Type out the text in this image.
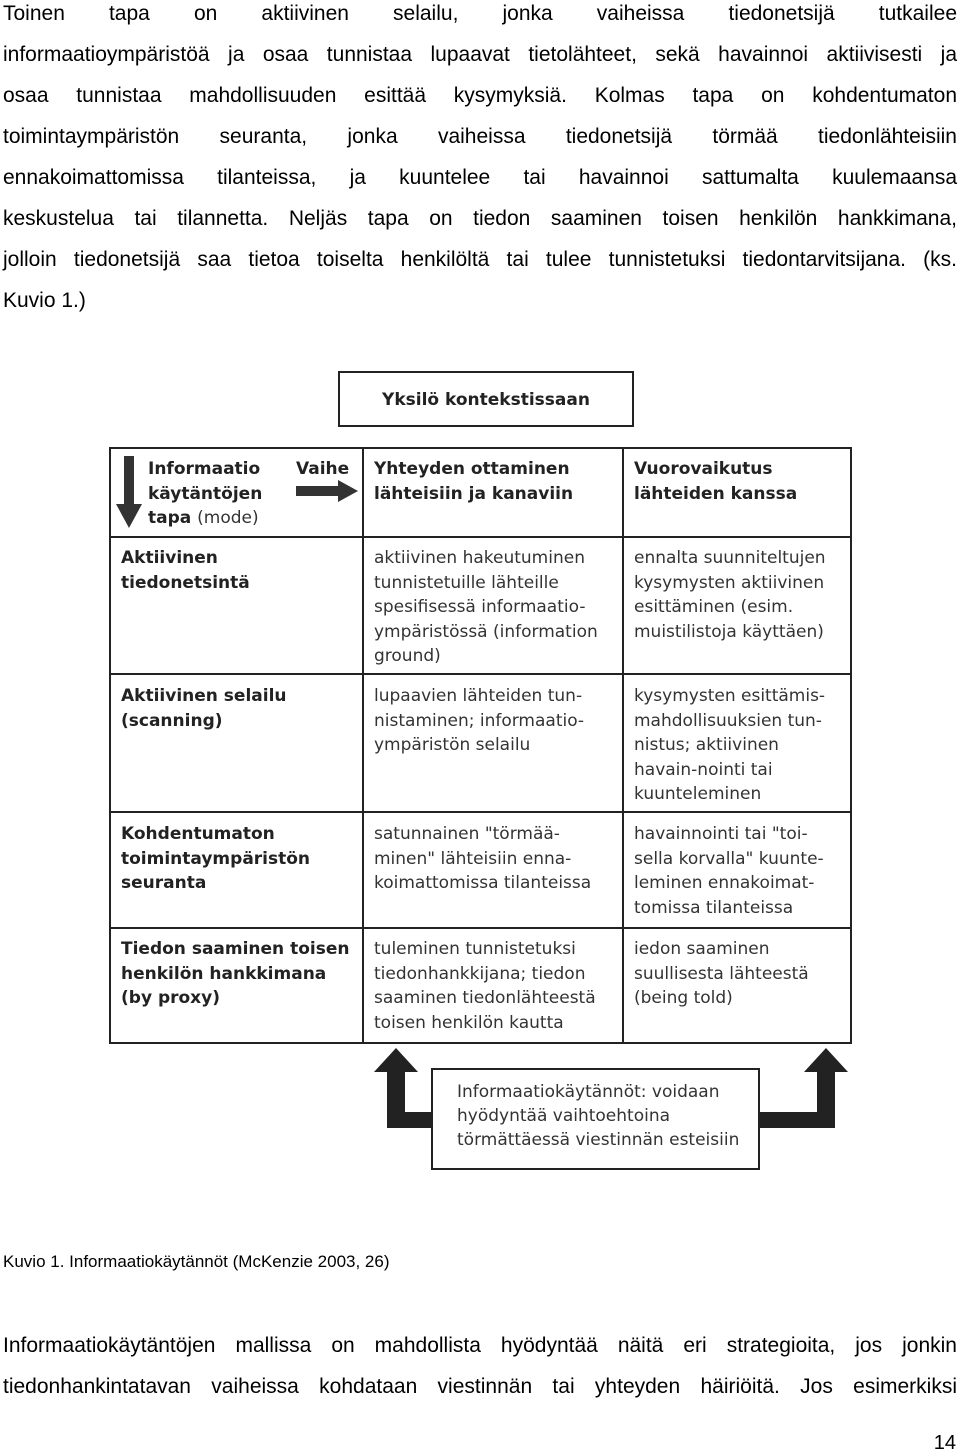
Toinen tapa on aktiivinen selailu, jonka vaiheissa tiedonetsijä tutkailee
informaatioympäristöä ja osaa tunnistaa lupaavat tietolähteet, sekä havainnoi aktiivisesti ja
osaa tunnistaa mahdollisuuden esittää kysymyksiä. Kolmas tapa on kohdentumaton
toimintaympäristön seuranta, jonka vaiheissa tiedonetsijä törmää tiedonlähteisiin
ennakoimattomissa tilanteissa, ja kuuntelee tai havainnoi sattumalta kuulemaansa
keskustelua tai tilannetta. Neljäs tapa on tiedon saaminen toisen henkilön hankkimana,
jolloin tiedonetsijä saa tietoa toiselta henkilöltä tai tulee tunnistetuksi tiedontarvitsijana. (ks.
Kuvio 1.)
Yksilö kontekstissaan
Informaatio käytäntöjen tapa (mode)
Vaihe Yhteyden ottaminen lähteisiin ja kanaviin
Vuorovaikutus lähteiden kanssa
Aktiivinen tiedonetsintä
aktiivinen hakeutuminen tunnistetuille lähteille spesifisessä informaatio-ympäristössä (information ground)
ennalta suunniteltujen kysymysten aktiivinen esittäminen (esim. muistilistoja käyttäen)
Aktiivinen selailu (scanning)
lupaavien lähteiden tun-nistaminen; informaatio-ympäristön selailu
kysymysten esittämis-mahdollisuuksien tun-nistus; aktiivinen havain-nointi tai kuunteleminen
Kohdentumaton toimintaympäristön seuranta
satunnainen "törmää-minen" lähteisiin enna-koimattomissa tilanteissa
havainnointi tai "toi-sella korvalla" kuunte-leminen ennakoimat-tomissa tilanteissa
Tiedon saaminen toisen henkilön hankkimana (by proxy)
tuleminen tunnistetuksi tiedonhankkijana; tiedon saaminen tiedonlähteestä toisen henkilön kautta
iedon saaminen suullisesta lähteestä (being told)
Informaatiokäytännöt: voidaan hyödyntää vaihtoehtoina törmättäessä viestinnän esteisiin
Kuvio 1. Informaatiokäytännöt (McKenzie 2003, 26)
Informaatiokäytäntöjen mallissa on mahdollista hyödyntää näitä eri strategioita, jos jonkin
tiedonhankintatavan vaiheissa kohdataan viestinnän tai yhteyden häiriöitä. Jos esimerkiksi
14
